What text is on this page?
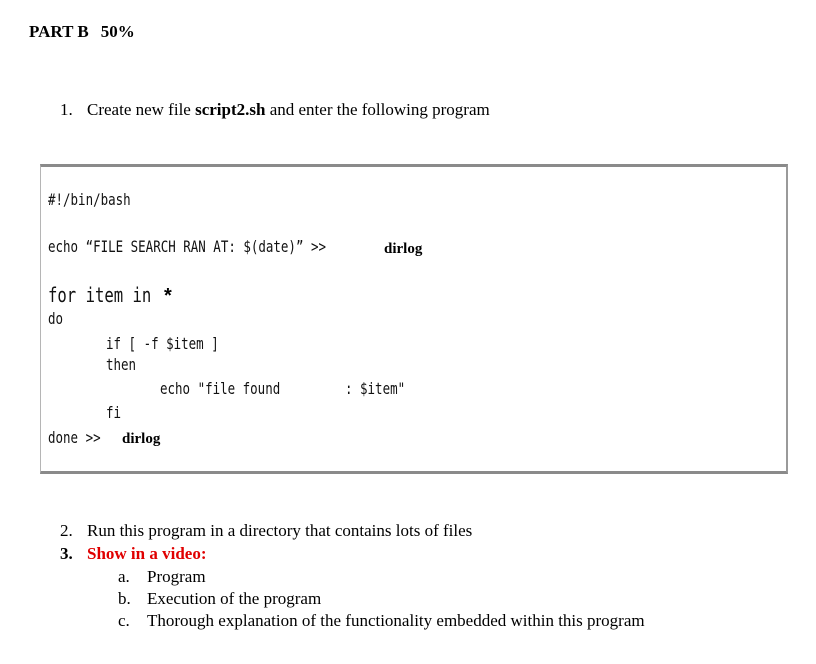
PART B 50%
1. Create new file script2.sh and enter the following program
#!/bin/bash
echo “FILE SEARCH RAN AT: $(date)” >>	dirlog
for item in *
do
if [ -f $item ]
then
echo "file found	: $item"
fi
done >> dirlog
2. Run this program in a directory that contains lots of files
3. Show in a video:
a. Program
b. Execution of the program
c. Thorough explanation of the functionality embedded within this program
